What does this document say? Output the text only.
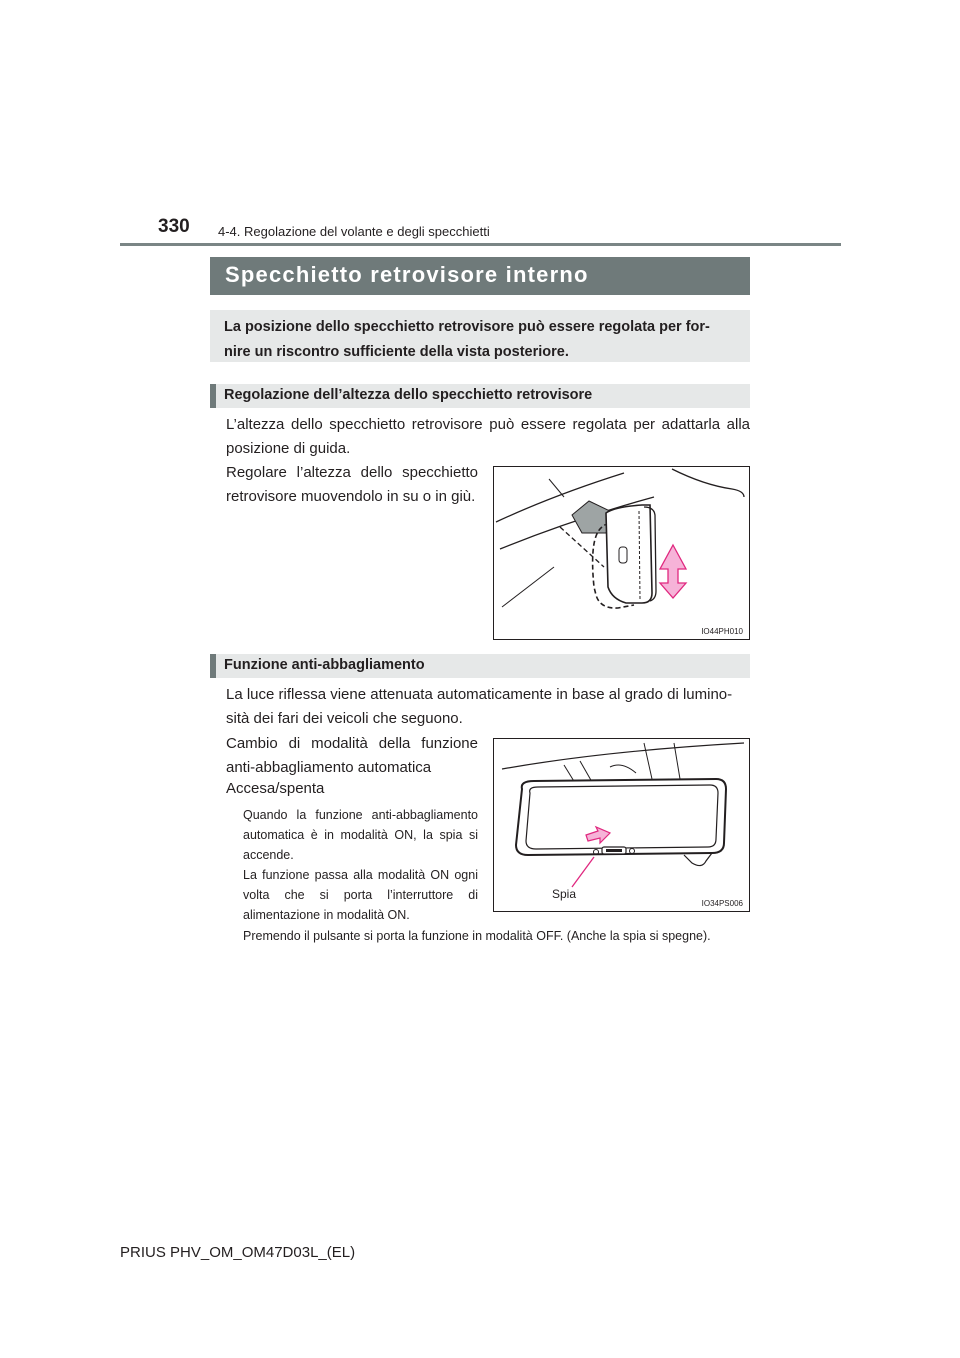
330 4-4. Regolazione del volante e degli specchietti
Specchietto retrovisore interno
La posizione dello specchietto retrovisore può essere regolata per for-
nire un riscontro sufficiente della vista posteriore.
Regolazione dell’altezza dello specchietto retrovisore
L’altezza dello specchietto retrovisore può essere regolata per adattarla alla posizione di guida.
Regolare l’altezza dello specchietto retrovisore muovendolo in su o in giù.
IO44PH010
Funzione anti-abbagliamento
La luce riflessa viene attenuata automaticamente in base al grado di lumino-
sità dei fari dei veicoli che seguono.
Cambio di modalità della funzione anti-abbagliamento automatica
Accesa/spenta
Quando la funzione anti-abbagliamento automatica è in modalità ON, la spia si accende.
La funzione passa alla modalità ON ogni volta che si porta l’interruttore di alimentazione in modalità ON.
Premendo il pulsante si porta la funzione in modalità OFF. (Anche la spia si spegne).
Spia
IO34PS006
PRIUS PHV_OM_OM47D03L_(EL)
